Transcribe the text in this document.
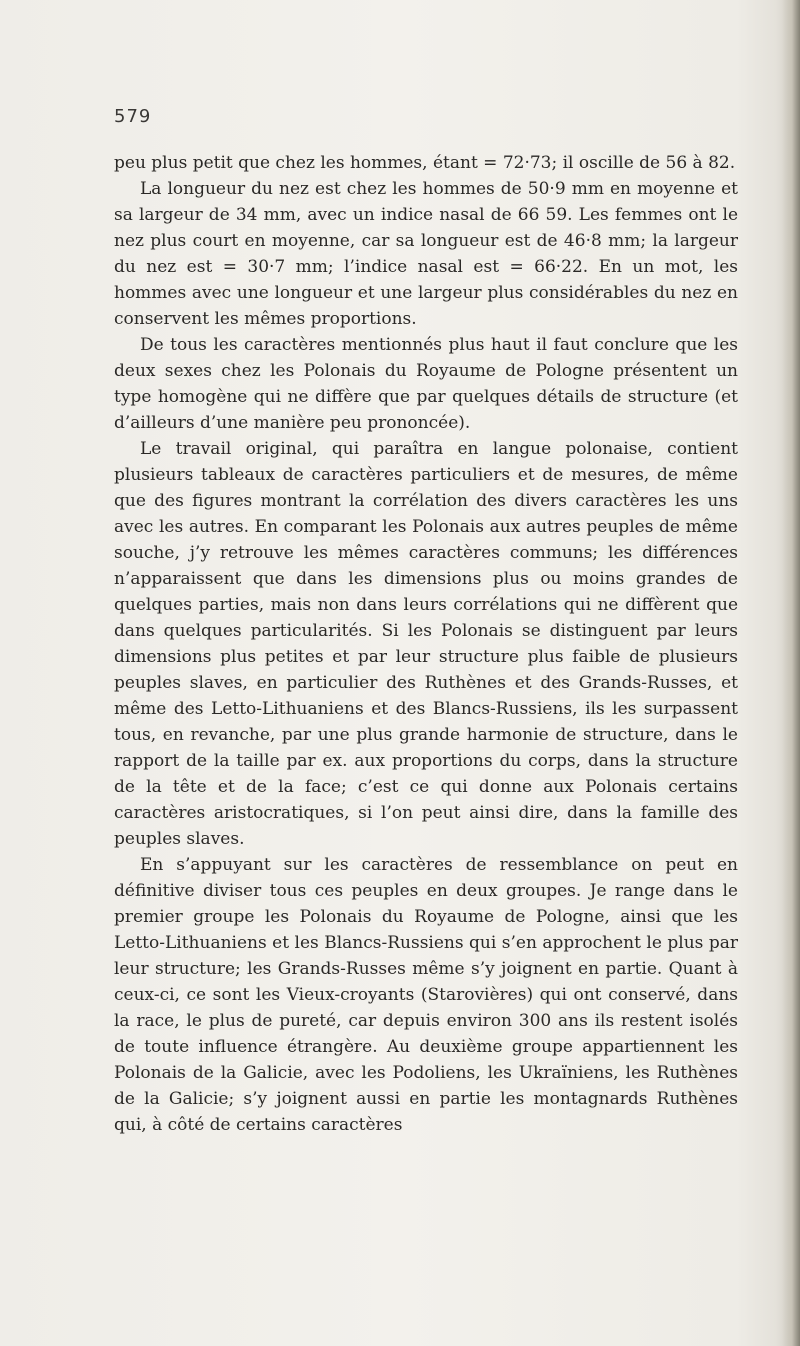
579

peu plus petit que chez les hommes, étant = 72·73; il oscille de 56 à 82.

La longueur du nez est chez les hommes de 50·9 mm en moyenne et sa largeur de 34 mm, avec un indice nasal de 66 59. Les femmes ont le nez plus court en moyenne, car sa longueur est de 46·8 mm; la largeur du nez est = 30·7 mm; l’indice nasal est = 66·22. En un mot, les hommes avec une longueur et une largeur plus considérables du nez en conservent les mêmes proportions.

De tous les caractères mentionnés plus haut il faut conclure que les deux sexes chez les Polonais du Royaume de Pologne présentent un type homogène qui ne diffère que par quelques détails de structure (et d’ailleurs d’une manière peu prononcée).

Le travail original, qui paraîtra en langue polonaise, contient plusieurs tableaux de caractères particuliers et de mesures, de même que des figures montrant la corrélation des divers caractères les uns avec les autres. En comparant les Polonais aux autres peuples de même souche, j’y retrouve les mêmes caractères communs; les différences n’apparaissent que dans les dimensions plus ou moins grandes de quelques parties, mais non dans leurs corrélations qui ne diffèrent que dans quelques particularités. Si les Polonais se distinguent par leurs dimensions plus petites et par leur structure plus faible de plusieurs peuples slaves, en particulier des Ruthènes et des Grands-Russes, et même des Letto-Lithuaniens et des Blancs-Russiens, ils les surpassent tous, en revanche, par une plus grande harmonie de structure, dans le rapport de la taille par ex. aux proportions du corps, dans la structure de la tête et de la face; c’est ce qui donne aux Polonais certains caractères aristocratiques, si l’on peut ainsi dire, dans la famille des peuples slaves.

En s’appuyant sur les caractères de ressemblance on peut en définitive diviser tous ces peuples en deux groupes. Je range dans le premier groupe les Polonais du Royaume de Pologne, ainsi que les Letto-Lithuaniens et les Blancs-Russiens qui s’en approchent le plus par leur structure; les Grands-Russes même s’y joignent en partie. Quant à ceux-ci, ce sont les Vieux-croyants (Starovières) qui ont conservé, dans la race, le plus de pureté, car depuis environ 300 ans ils restent isolés de toute influence étrangère. Au deuxième groupe appartiennent les Polonais de la Galicie, avec les Podoliens, les Ukraïniens, les Ruthènes de la Galicie; s’y joignent aussi en partie les montagnards Ruthènes qui, à côté de certains caractères
